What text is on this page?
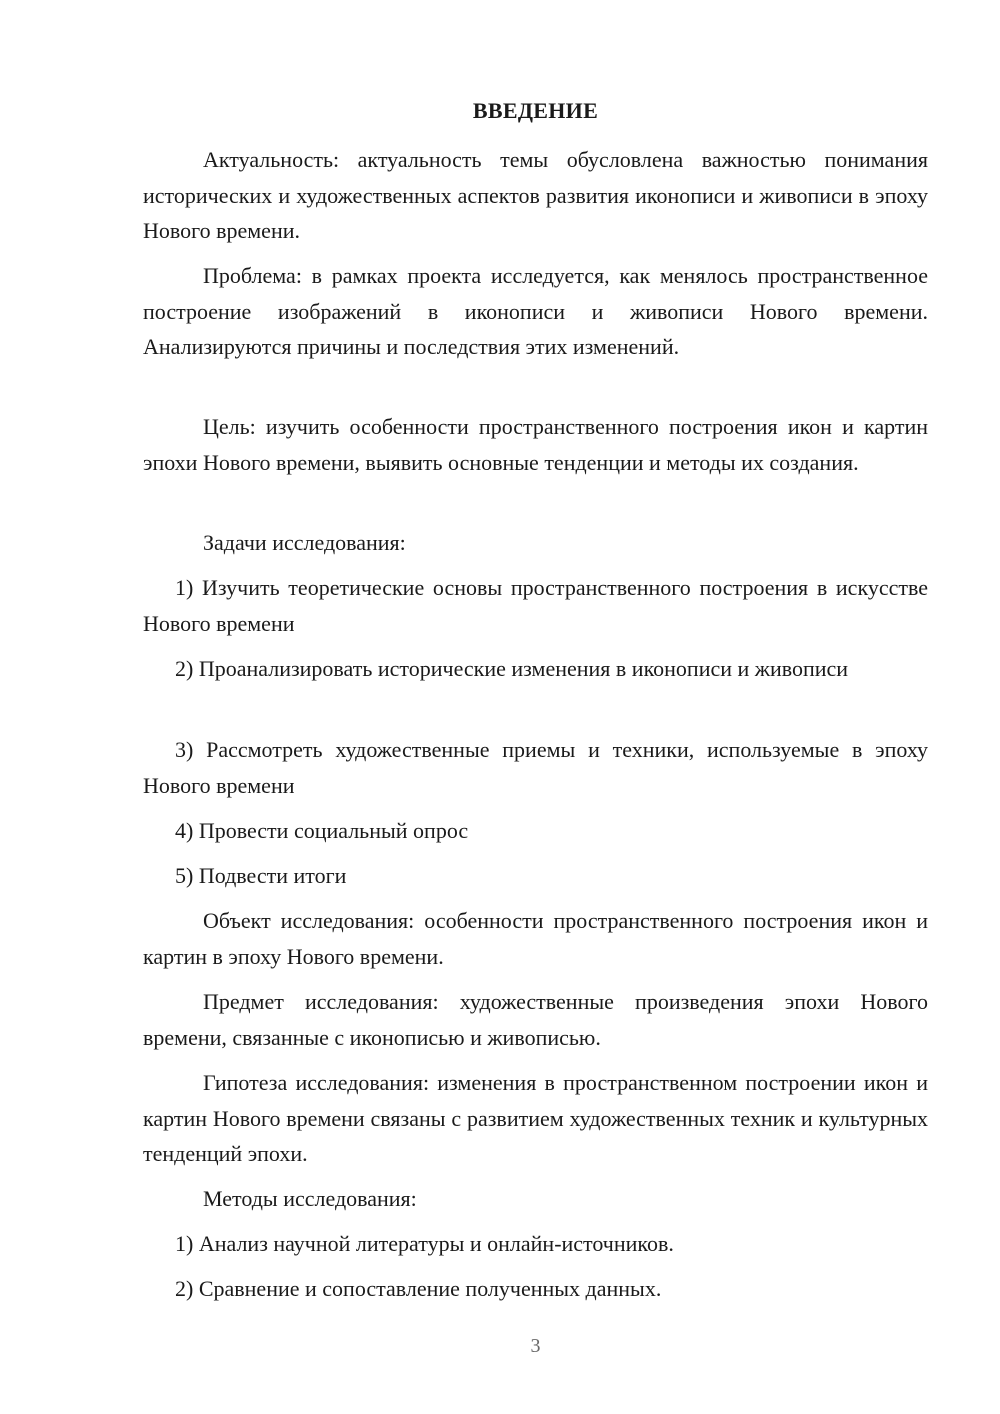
ВВЕДЕНИЕ

Актуальность: актуальность темы обусловлена важностью понимания исторических и художественных аспектов развития иконописи и живописи в эпоху Нового времени.

Проблема: в рамках проекта исследуется, как менялось пространственное построение изображений в иконописи и живописи Нового времени. Анализируются причины и последствия этих изменений.

Цель: изучить особенности пространственного построения икон и картин эпохи Нового времени, выявить основные тенденции и методы их создания.

Задачи исследования:

1) Изучить теоретические основы пространственного построения в искусстве Нового времени

2) Проанализировать исторические изменения в иконописи и живописи

3) Рассмотреть художественные приемы и техники, используемые в эпоху Нового времени

4) Провести социальный опрос

5) Подвести итоги

Объект исследования: особенности пространственного построения икон и картин в эпоху Нового времени.

Предмет исследования: художественные произведения эпохи Нового времени, связанные с иконописью и живописью.

Гипотеза исследования: изменения в пространственном построении икон и картин Нового времени связаны с развитием художественных техник и культурных тенденций эпохи.

Методы исследования:

1) Анализ научной литературы и онлайн-источников.

2) Сравнение и сопоставление полученных данных.

3
